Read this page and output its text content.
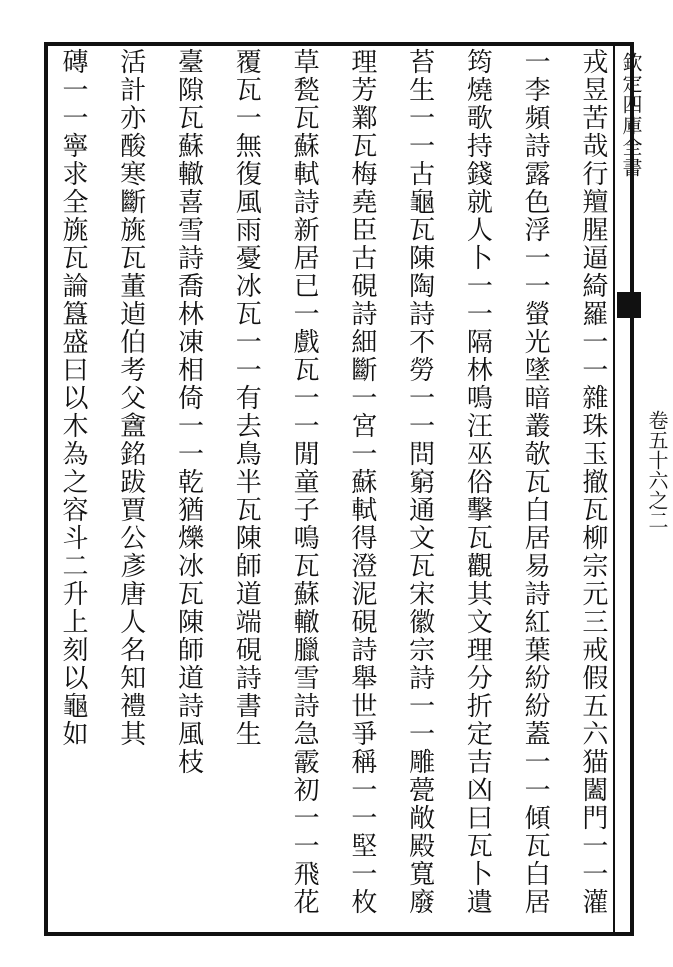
欽定四庫全書
卷五十六之二
戎昱苦哉行羶腥逼綺羅一一雜珠玉撤瓦柳宗元三戒假五六猫闔門一一灌
一李頻詩露色浮一一螢光墜暗叢欹瓦白居易詩紅葉紛紛蓋一一傾瓦白居
筠燒歌持錢就人卜一一隔林鳴汪巫俗擊瓦觀其文理分折定吉凶曰瓦卜遺
苔生一一古龜瓦陳陶詩不勞一一問窮通文瓦宋徽宗詩一一雕甍敞殿寬廢
理芳鄴瓦梅堯臣古硯詩細斷一宮一蘇軾得澄泥硯詩舉世爭稱一一堅一枚
草甃瓦蘇軾詩新居已一戲瓦一一閒童子鳴瓦蘇轍臘雪詩急霰初一一飛花
覆瓦一無復風雨憂冰瓦一一有去鳥半瓦陳師道端硯詩書生
臺隙瓦蘇轍喜雪詩喬林凍相倚一一乾猶爍冰瓦陳師道詩風枝
活計亦酸寒斷旐瓦董逌伯考父盦銘跋賈公彥唐人名知禮其
磚一一寧求全旐瓦論簋盛曰以木為之容斗二升上刻以龜如
